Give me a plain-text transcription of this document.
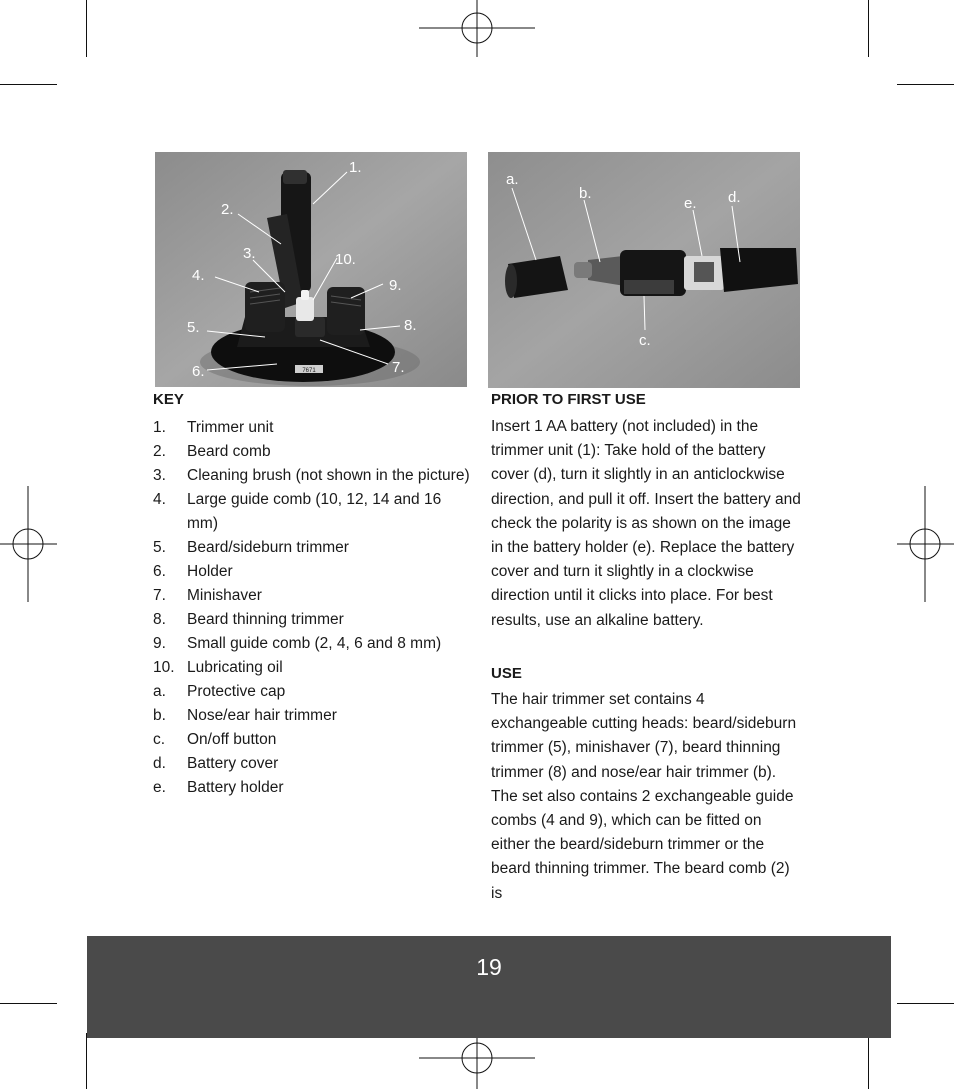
7671
1.
2.
3.	10.
4.
9.
5.	8.
6.	7.
a.
b.
e. d.
c.
KEY
1.	Trimmer unit
2.	Beard comb
3.	Cleaning brush (not shown in the picture)
4.	Large guide comb (10, 12, 14 and 16 mm)
5.	Beard/sideburn trimmer
6.	Holder
7.	Minishaver
8.	Beard thinning trimmer
9.	Small guide comb (2, 4, 6 and 8 mm)
10. Lubricating oil
a.	Protective cap
b.	Nose/ear hair trimmer
c.	On/off button
d.	Battery cover
e.	Battery holder
PRIOR TO FIRST USE

Insert 1 AA battery (not included) in the trimmer unit (1): Take hold of the battery cover (d), turn it slightly in an anticlockwise direction, and pull it off. Insert the battery and check the polarity is as shown on the image in the battery holder (e). Replace the battery cover and turn it slightly in a clockwise direction until it clicks into place. For best results, use an alkaline battery.

USE

The hair trimmer set contains 4 exchangeable cutting heads: beard/sideburn trimmer (5), minishaver (7), beard thinning trimmer (8) and nose/ear hair trimmer (b). The set also contains 2 exchangeable guide combs (4 and 9), which can be fitted on either the beard/sideburn trimmer or the beard thinning trimmer. The beard comb (2) is

19
